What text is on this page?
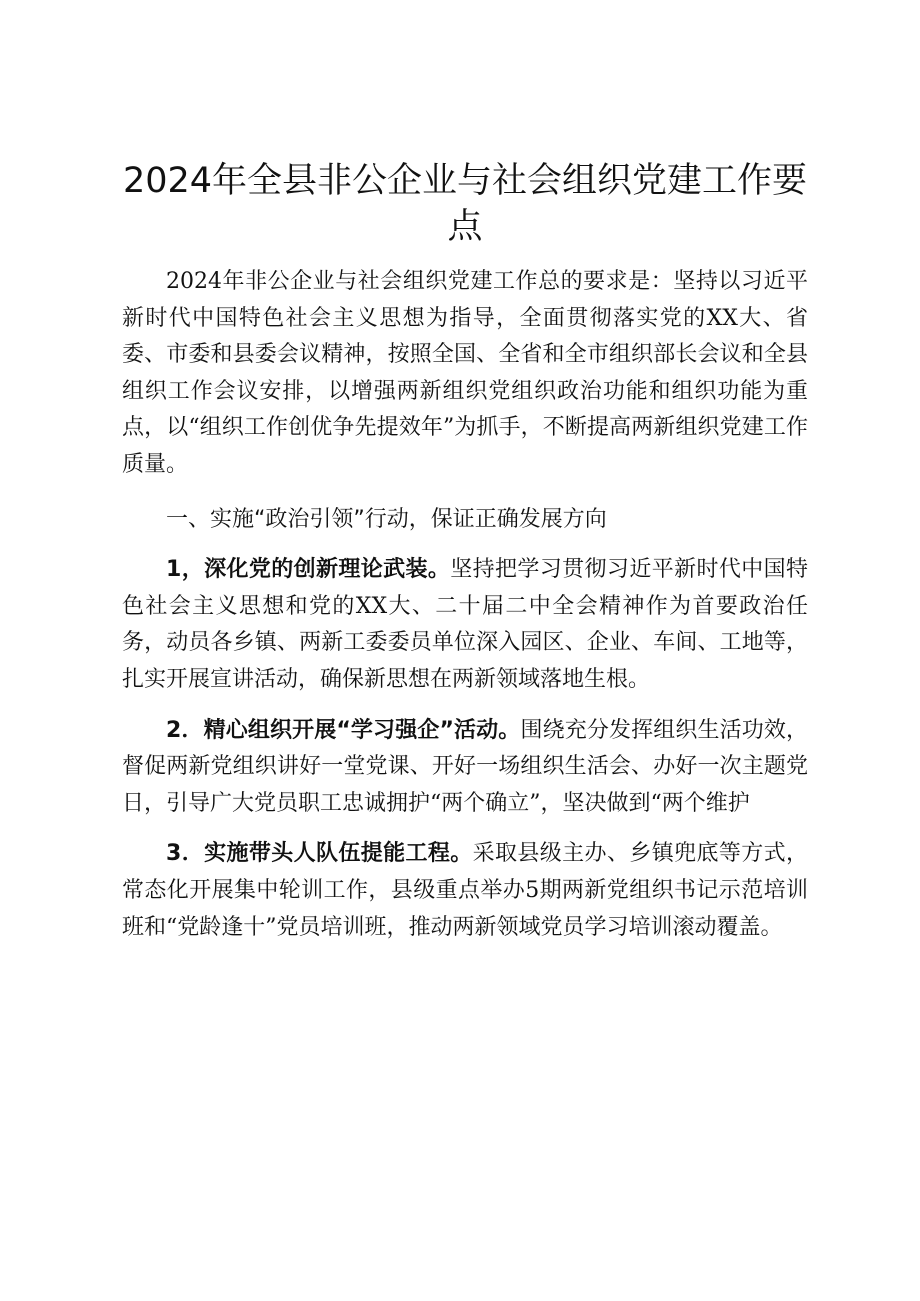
2024年全县非公企业与社会组织党建工作要点

2024年非公企业与社会组织党建工作总的要求是：坚持以习近平新时代中国特色社会主义思想为指导，全面贯彻落实党的XX大、省委、市委和县委会议精神，按照全国、全省和全市组织部长会议和全县组织工作会议安排，以增强两新组织党组织政治功能和组织功能为重点，以“组织工作创优争先提效年”为抓手，不断提高两新组织党建工作质量。

一、实施“政治引领”行动，保证正确发展方向

1，深化党的创新理论武装。坚持把学习贯彻习近平新时代中国特色社会主义思想和党的XX大、二十届二中全会精神作为首要政治任务，动员各乡镇、两新工委委员单位深入园区、企业、车间、工地等，扎实开展宣讲活动，确保新思想在两新领域落地生根。

2．精心组织开展“学习强企”活动。围绕充分发挥组织生活功效，督促两新党组织讲好一堂党课、开好一场组织生活会、办好一次主题党日，引导广大党员职工忠诚拥护“两个确立”，坚决做到“两个维护

3．实施带头人队伍提能工程。采取县级主办、乡镇兜底等方式，常态化开展集中轮训工作，县级重点举办5期两新党组织书记示范培训班和“党龄逢十”党员培训班，推动两新领域党员学习培训滚动覆盖。
